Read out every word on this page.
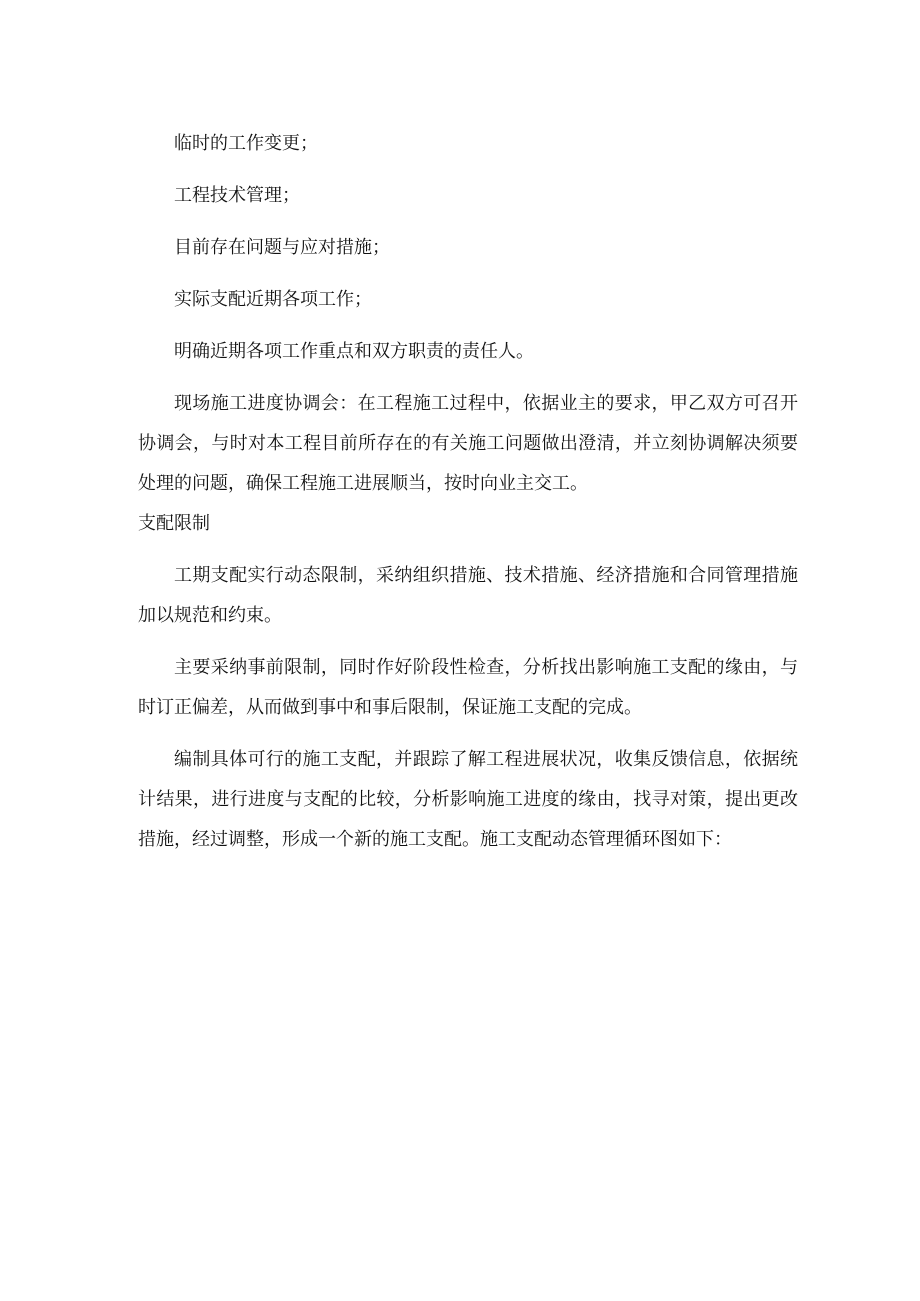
临时的工作变更；

工程技术管理；

目前存在问题与应对措施；

实际支配近期各项工作；

明确近期各项工作重点和双方职责的责任人。

现场施工进度协调会：在工程施工过程中，依据业主的要求，甲乙双方可召开协调会，与时对本工程目前所存在的有关施工问题做出澄清，并立刻协调解决须要处理的问题，确保工程施工进展顺当，按时向业主交工。

支配限制

工期支配实行动态限制，采纳组织措施、技术措施、经济措施和合同管理措施加以规范和约束。

主要采纳事前限制，同时作好阶段性检查，分析找出影响施工支配的缘由，与时订正偏差，从而做到事中和事后限制，保证施工支配的完成。

编制具体可行的施工支配，并跟踪了解工程进展状况，收集反馈信息，依据统计结果，进行进度与支配的比较，分析影响施工进度的缘由，找寻对策，提出更改措施，经过调整，形成一个新的施工支配。施工支配动态管理循环图如下：
